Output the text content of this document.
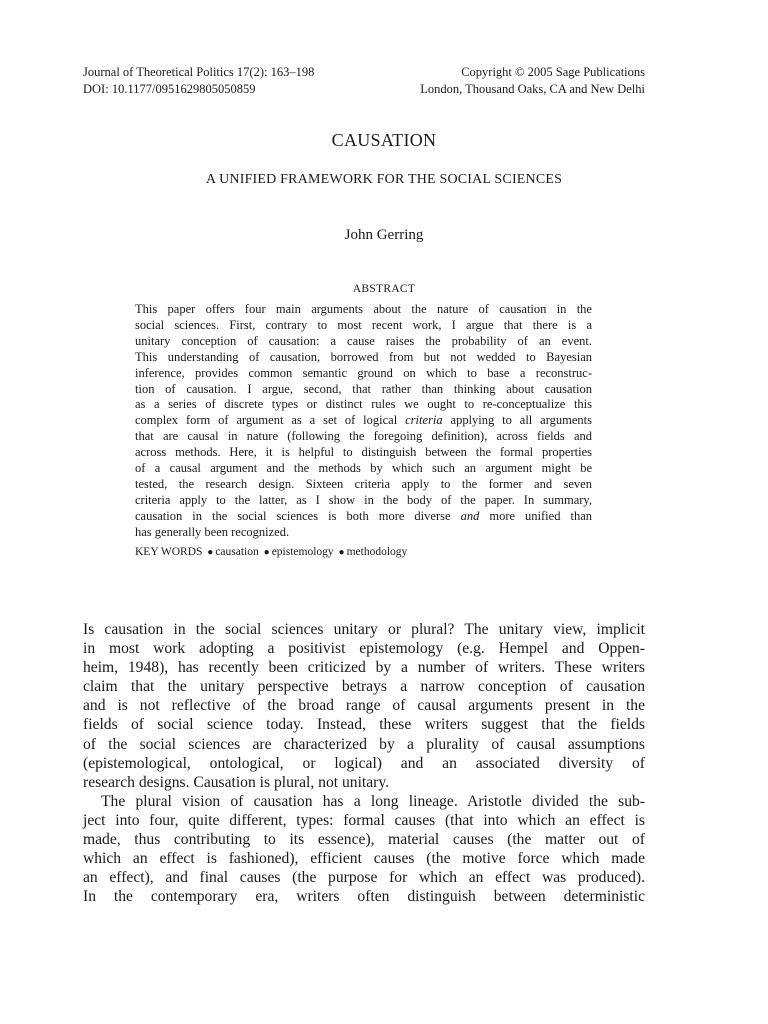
Journal of Theoretical Politics 17(2): 163–198	Copyright © 2005 Sage Publications
DOI: 10.1177/0951629805050859	London, Thousand Oaks, CA and New Delhi
CAUSATION
A UNIFIED FRAMEWORK FOR THE SOCIAL SCIENCES
John Gerring
ABSTRACT
This paper offers four main arguments about the nature of causation in the
social sciences. First, contrary to most recent work, I argue that there is a
unitary conception of causation: a cause raises the probability of an event.
This understanding of causation, borrowed from but not wedded to Bayesian
inference, provides common semantic ground on which to base a reconstruc-
tion of causation. I argue, second, that rather than thinking about causation
as a series of discrete types or distinct rules we ought to re-conceptualize this
complex form of argument as a set of logical criteria applying to all arguments
that are causal in nature (following the foregoing definition), across fields and
across methods. Here, it is helpful to distinguish between the formal properties
of a causal argument and the methods by which such an argument might be
tested, the research design. Sixteen criteria apply to the former and seven
criteria apply to the latter, as I show in the body of the paper. In summary,
causation in the social sciences is both more diverse and more unified than
has generally been recognized.
KEY WORDS ● causation ● epistemology ● methodology
Is causation in the social sciences unitary or plural? The unitary view, implicit
in most work adopting a positivist epistemology (e.g. Hempel and Oppen-
heim, 1948), has recently been criticized by a number of writers. These writers
claim that the unitary perspective betrays a narrow conception of causation
and is not reflective of the broad range of causal arguments present in the
fields of social science today. Instead, these writers suggest that the fields
of the social sciences are characterized by a plurality of causal assumptions
(epistemological, ontological, or logical) and an associated diversity of
research designs. Causation is plural, not unitary.
The plural vision of causation has a long lineage. Aristotle divided the sub-
ject into four, quite different, types: formal causes (that into which an effect is
made, thus contributing to its essence), material causes (the matter out of
which an effect is fashioned), efficient causes (the motive force which made
an effect), and final causes (the purpose for which an effect was produced).
In the contemporary era, writers often distinguish between deterministic
